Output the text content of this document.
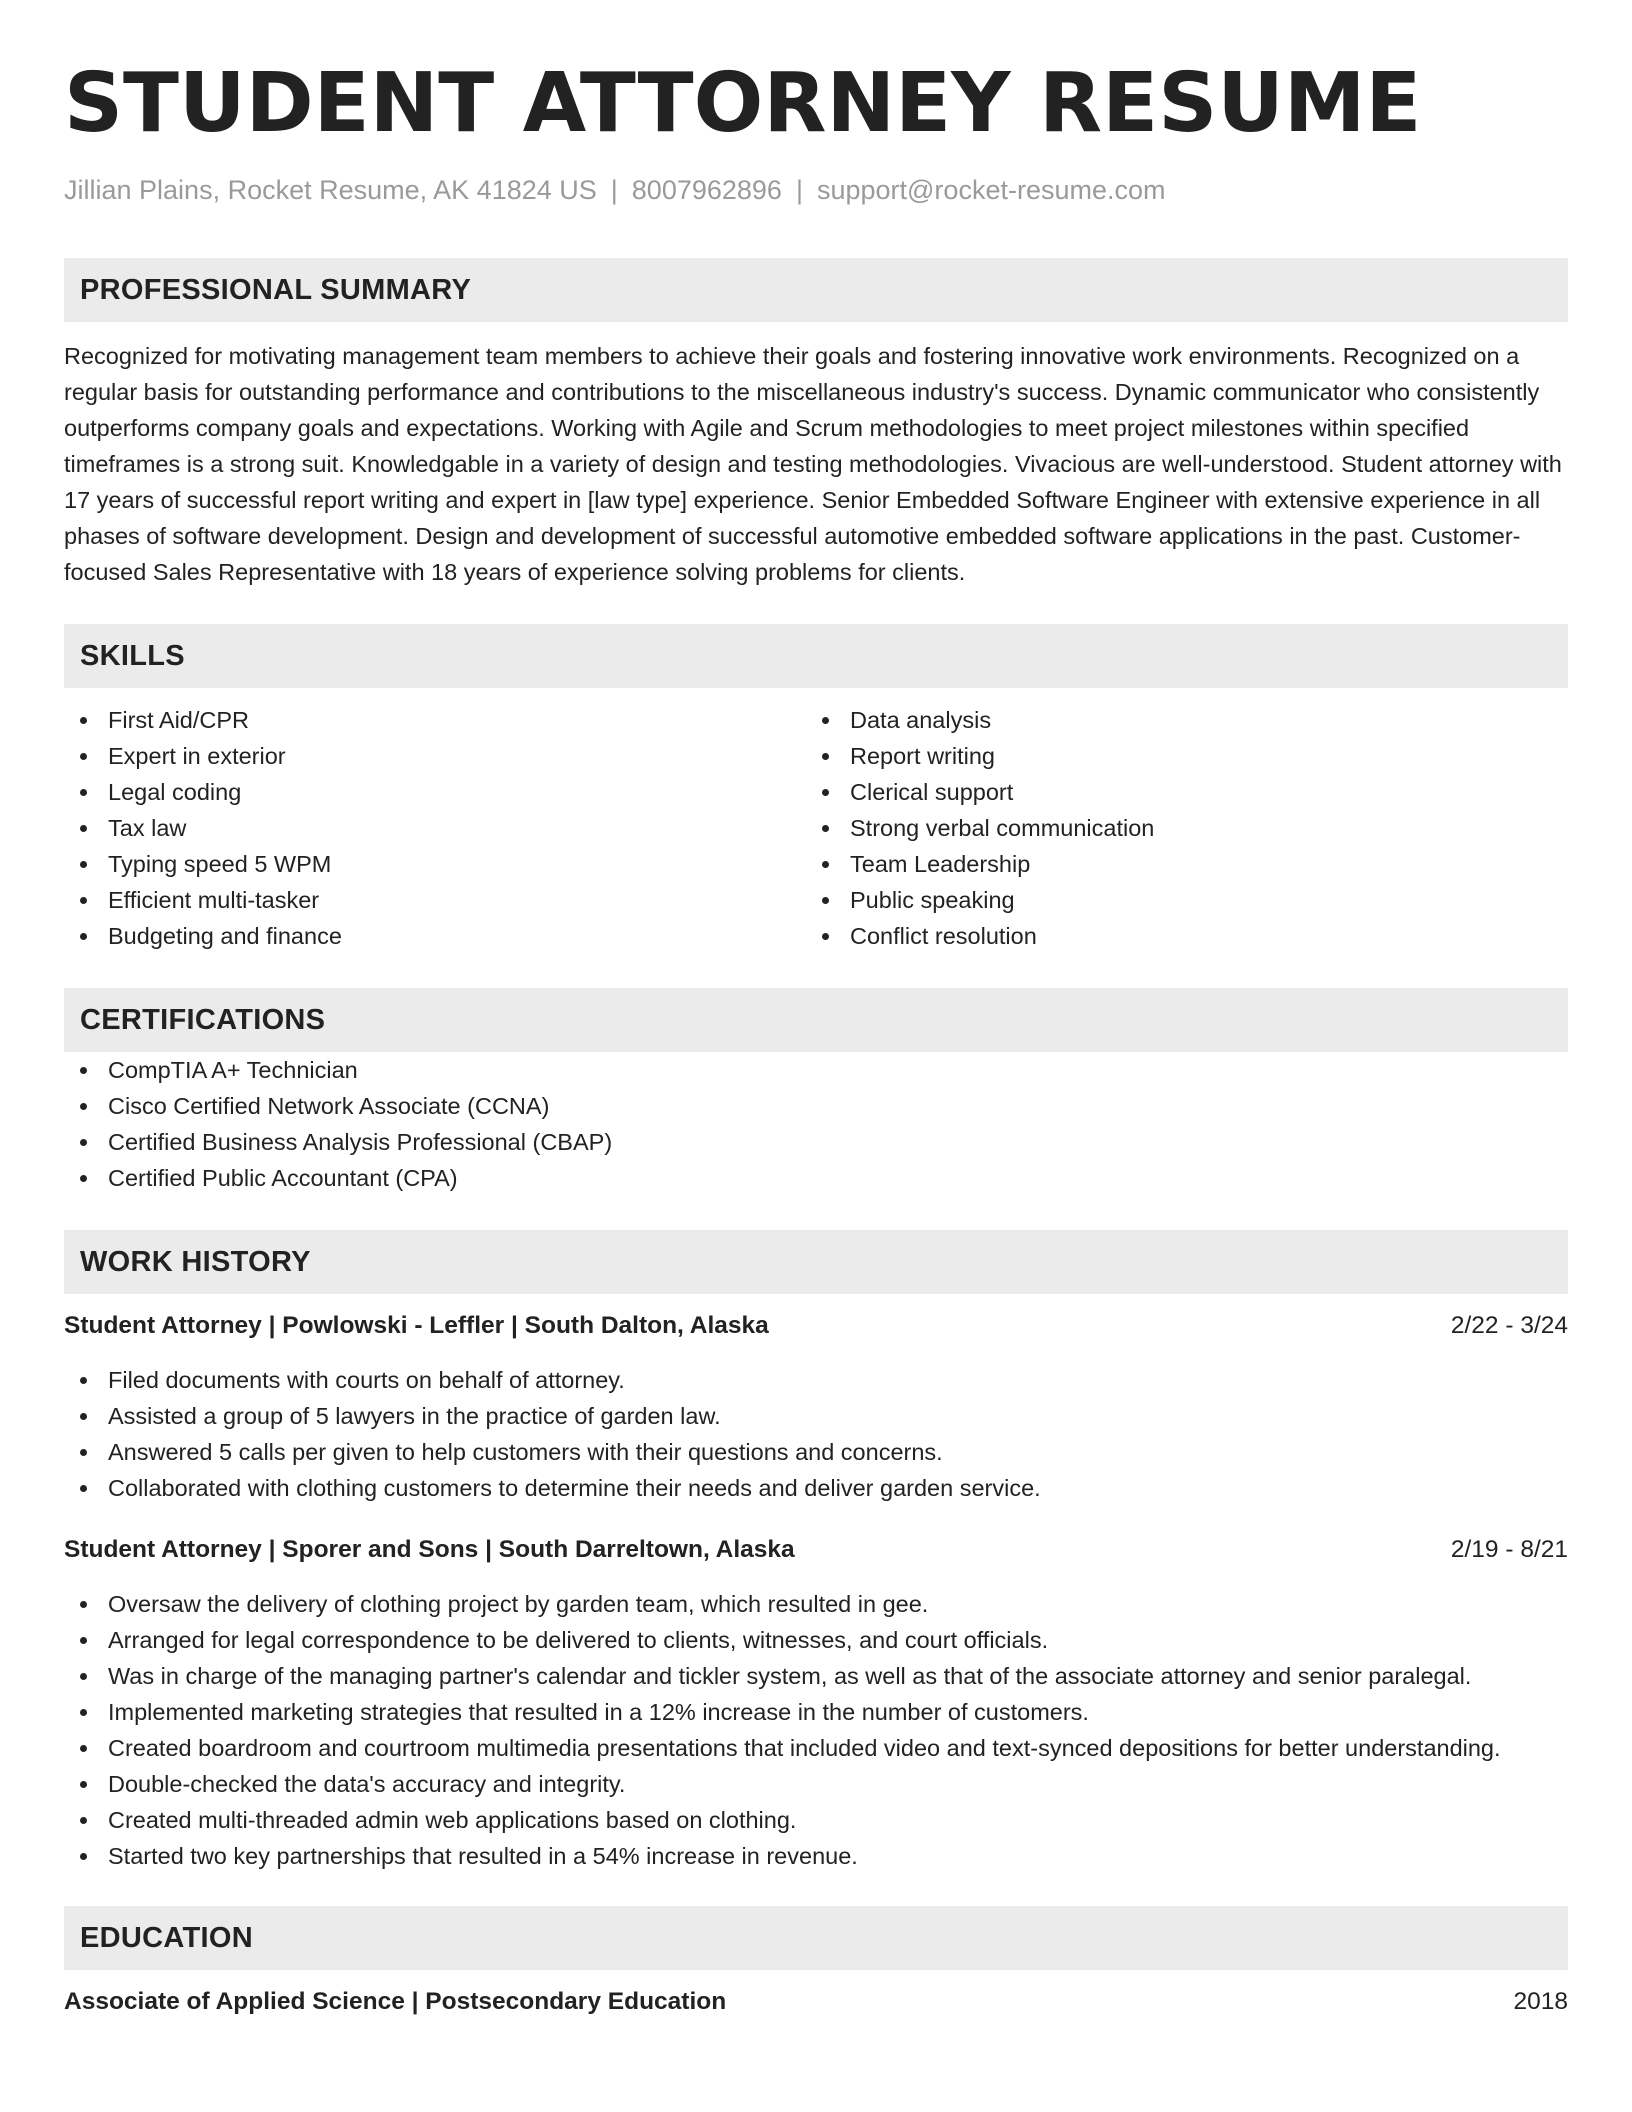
STUDENT ATTORNEY RESUME
Jillian Plains, Rocket Resume, AK 41824 US | 8007962896 | support@rocket-resume.com
PROFESSIONAL SUMMARY
Recognized for motivating management team members to achieve their goals and fostering innovative work environments. Recognized on a regular basis for outstanding performance and contributions to the miscellaneous industry's success. Dynamic communicator who consistently outperforms company goals and expectations. Working with Agile and Scrum methodologies to meet project milestones within specified timeframes is a strong suit. Knowledgable in a variety of design and testing methodologies. Vivacious are well-understood. Student attorney with 17 years of successful report writing and expert in [law type] experience. Senior Embedded Software Engineer with extensive experience in all phases of software development. Design and development of successful automotive embedded software applications in the past. Customer-focused Sales Representative with 18 years of experience solving problems for clients.
SKILLS
First Aid/CPR
Expert in exterior
Legal coding
Tax law
Typing speed 5 WPM
Efficient multi-tasker
Budgeting and finance
Data analysis
Report writing
Clerical support
Strong verbal communication
Team Leadership
Public speaking
Conflict resolution
CERTIFICATIONS
CompTIA A+ Technician
Cisco Certified Network Associate (CCNA)
Certified Business Analysis Professional (CBAP)
Certified Public Accountant (CPA)
WORK HISTORY
Student Attorney | Powlowski - Leffler | South Dalton, Alaska	2/22 - 3/24
Filed documents with courts on behalf of attorney.
Assisted a group of 5 lawyers in the practice of garden law.
Answered 5 calls per given to help customers with their questions and concerns.
Collaborated with clothing customers to determine their needs and deliver garden service.
Student Attorney | Sporer and Sons | South Darreltown, Alaska	2/19 - 8/21
Oversaw the delivery of clothing project by garden team, which resulted in gee.
Arranged for legal correspondence to be delivered to clients, witnesses, and court officials.
Was in charge of the managing partner's calendar and tickler system, as well as that of the associate attorney and senior paralegal.
Implemented marketing strategies that resulted in a 12% increase in the number of customers.
Created boardroom and courtroom multimedia presentations that included video and text-synced depositions for better understanding.
Double-checked the data's accuracy and integrity.
Created multi-threaded admin web applications based on clothing.
Started two key partnerships that resulted in a 54% increase in revenue.
EDUCATION
Associate of Applied Science | Postsecondary Education	2018
